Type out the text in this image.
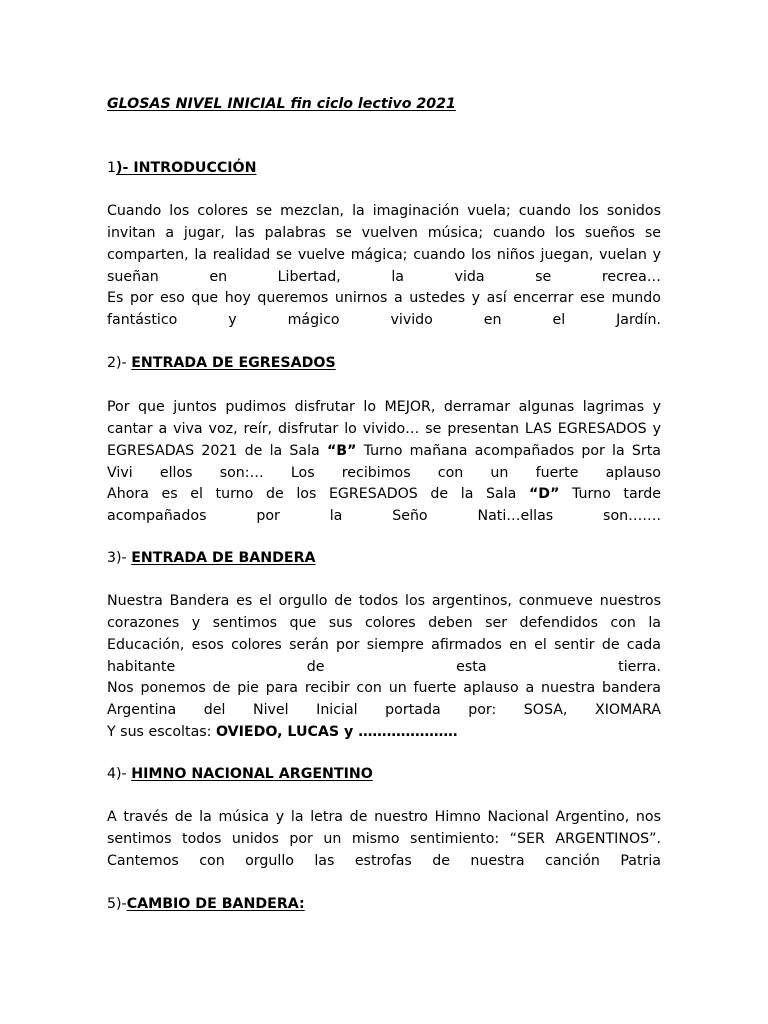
GLOSAS NIVEL INICIAL fin ciclo lectivo 2021
1)- INTRODUCCIÓN
Cuando los colores se mezclan, la imaginación vuela; cuando los sonidos invitan a jugar, las palabras se vuelven música; cuando los sueños se comparten, la realidad se vuelve mágica; cuando los niños juegan, vuelan y sueñan en Libertad, la vida se recrea…
Es por eso que hoy queremos unirnos a ustedes y así encerrar ese mundo fantástico y mágico vivido en el Jardín.
2)- ENTRADA DE EGRESADOS
Por que juntos pudimos disfrutar lo MEJOR, derramar algunas lagrimas y cantar a viva voz, reír, disfrutar lo vivido… se presentan LAS EGRESADOS y EGRESADAS 2021 de la Sala “B” Turno mañana acompañados por la Srta Vivi ellos son:… Los recibimos con un fuerte aplauso
Ahora es el turno de los EGRESADOS de la Sala “D” Turno tarde acompañados por la Seño Nati…ellas son…….
3)- ENTRADA DE BANDERA
Nuestra Bandera es el orgullo de todos los argentinos, conmueve nuestros corazones y sentimos que sus colores deben ser defendidos con la Educación, esos colores serán por siempre afirmados en el sentir de cada habitante de esta tierra.
Nos ponemos de pie para recibir con un fuerte aplauso a nuestra bandera Argentina del Nivel Inicial portada por: SOSA, XIOMARA
Y sus escoltas: OVIEDO, LUCAS y …………………
4)- HIMNO NACIONAL ARGENTINO
A través de la música y la letra de nuestro Himno Nacional Argentino, nos sentimos todos unidos por un mismo sentimiento: “SER ARGENTINOS”. Cantemos con orgullo las estrofas de nuestra canción Patria
5)-CAMBIO DE BANDERA:
